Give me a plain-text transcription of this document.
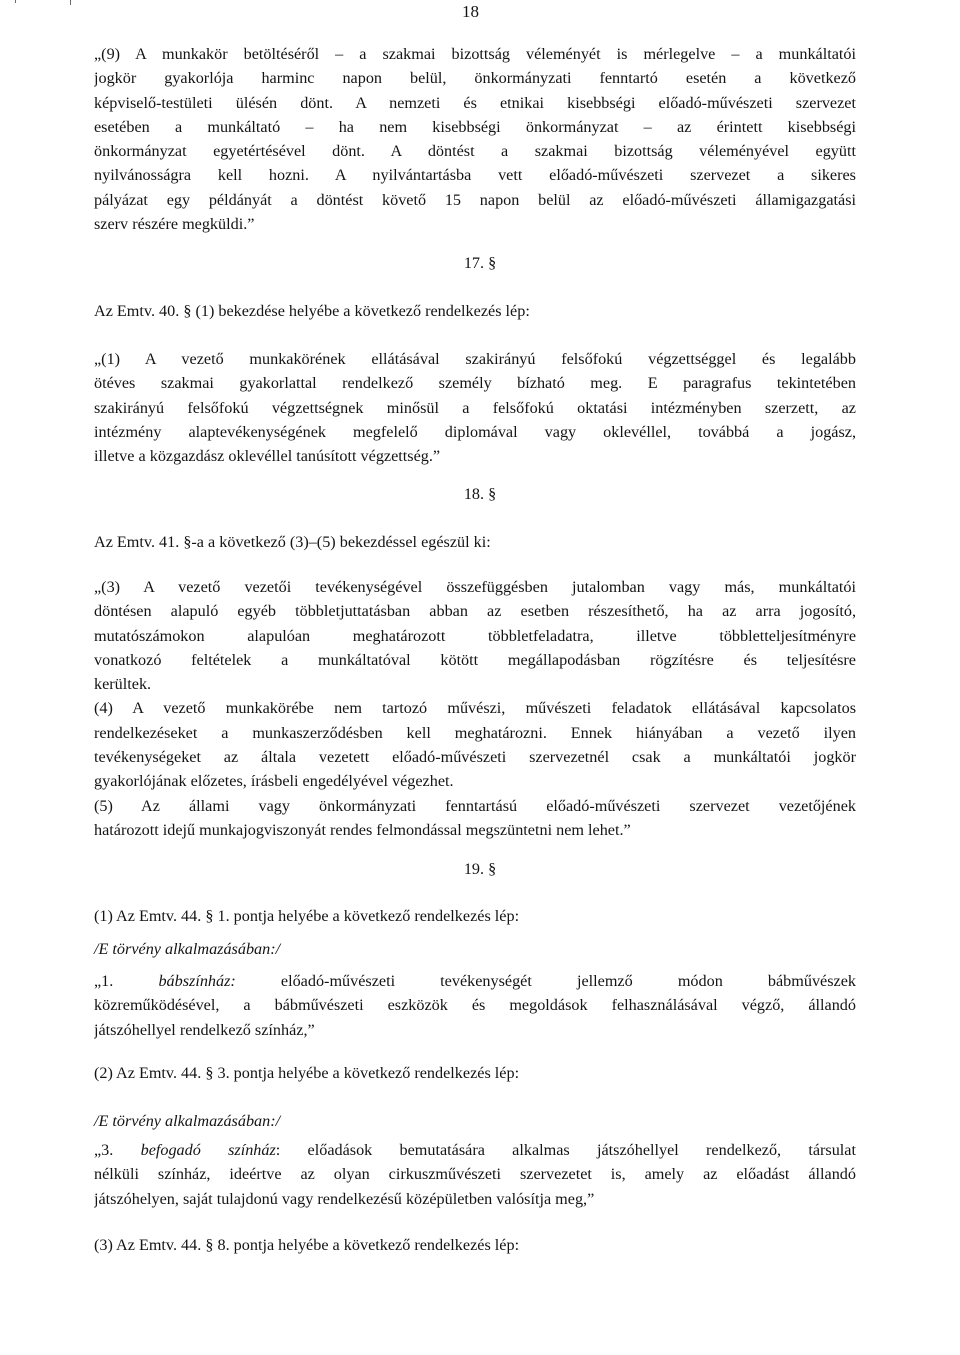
18
„(9) A munkakör betöltéséről – a szakmai bizottság véleményét is mérlegelve – a munkáltatói
jogkör gyakorlója harminc napon belül, önkormányzati fenntartó esetén a következő
képviselő-testületi ülésén dönt. A nemzeti és etnikai kisebbségi előadó-művészeti szervezet
esetében a munkáltató – ha nem kisebbségi önkormányzat – az érintett kisebbségi
önkormányzat egyetértésével dönt. A döntést a szakmai bizottság véleményével együtt
nyilvánosságra kell hozni. A nyilvántartásba vett előadó-művészeti szervezet a sikeres
pályázat egy példányát a döntést követő 15 napon belül az előadó-művészeti államigazgatási
szerv részére megküldi.”
17. §
Az Emtv. 40. § (1) bekezdése helyébe a következő rendelkezés lép:
„(1) A vezető munkakörének ellátásával szakirányú felsőfokú végzettséggel és legalább
ötéves szakmai gyakorlattal rendelkező személy bízható meg. E paragrafus tekintetében
szakirányú felsőfokú végzettségnek minősül a felsőfokú oktatási intézményben szerzett, az
intézmény alaptevékenységének megfelelő diplomával vagy oklevéllel, továbbá a jogász,
illetve a közgazdász oklevéllel tanúsított végzettség.”
18. §
Az Emtv. 41. §-a a következő (3)–(5) bekezdéssel egészül ki:
„(3) A vezető vezetői tevékenységével összefüggésben jutalomban vagy más, munkáltatói
döntésen alapuló egyéb többletjuttatásban abban az esetben részesíthető, ha az arra jogosító,
mutatószámokon alapulóan meghatározott többletfeladatra, illetve többletteljesítményre
vonatkozó feltételek a munkáltatóval kötött megállapodásban rögzítésre és teljesítésre
kerültek.
(4) A vezető munkakörébe nem tartozó művészi, művészeti feladatok ellátásával kapcsolatos
rendelkezéseket a munkaszerződésben kell meghatározni. Ennek hiányában a vezető ilyen
tevékenységeket az általa vezetett előadó-művészeti szervezetnél csak a munkáltatói jogkör
gyakorlójának előzetes, írásbeli engedélyével végezhet.
(5) Az állami vagy önkormányzati fenntartású előadó-művészeti szervezet vezetőjének
határozott idejű munkajogviszonyát rendes felmondással megszüntetni nem lehet.”
19. §
(1) Az Emtv. 44. § 1. pontja helyébe a következő rendelkezés lép:
/E törvény alkalmazásában:/
„1. bábszínház: előadó-művészeti tevékenységét jellemző módon bábművészek
közreműködésével, a bábművészeti eszközök és megoldások felhasználásával végző, állandó
játszóhellyel rendelkező színház,”
(2) Az Emtv. 44. § 3. pontja helyébe a következő rendelkezés lép:
/E törvény alkalmazásában:/
„3. befogadó színház: előadások bemutatására alkalmas játszóhellyel rendelkező, társulat
nélküli színház, ideértve az olyan cirkuszművészeti szervezetet is, amely az előadást állandó
játszóhelyen, saját tulajdonú vagy rendelkezésű középületben valósítja meg,”
(3) Az Emtv. 44. § 8. pontja helyébe a következő rendelkezés lép:
